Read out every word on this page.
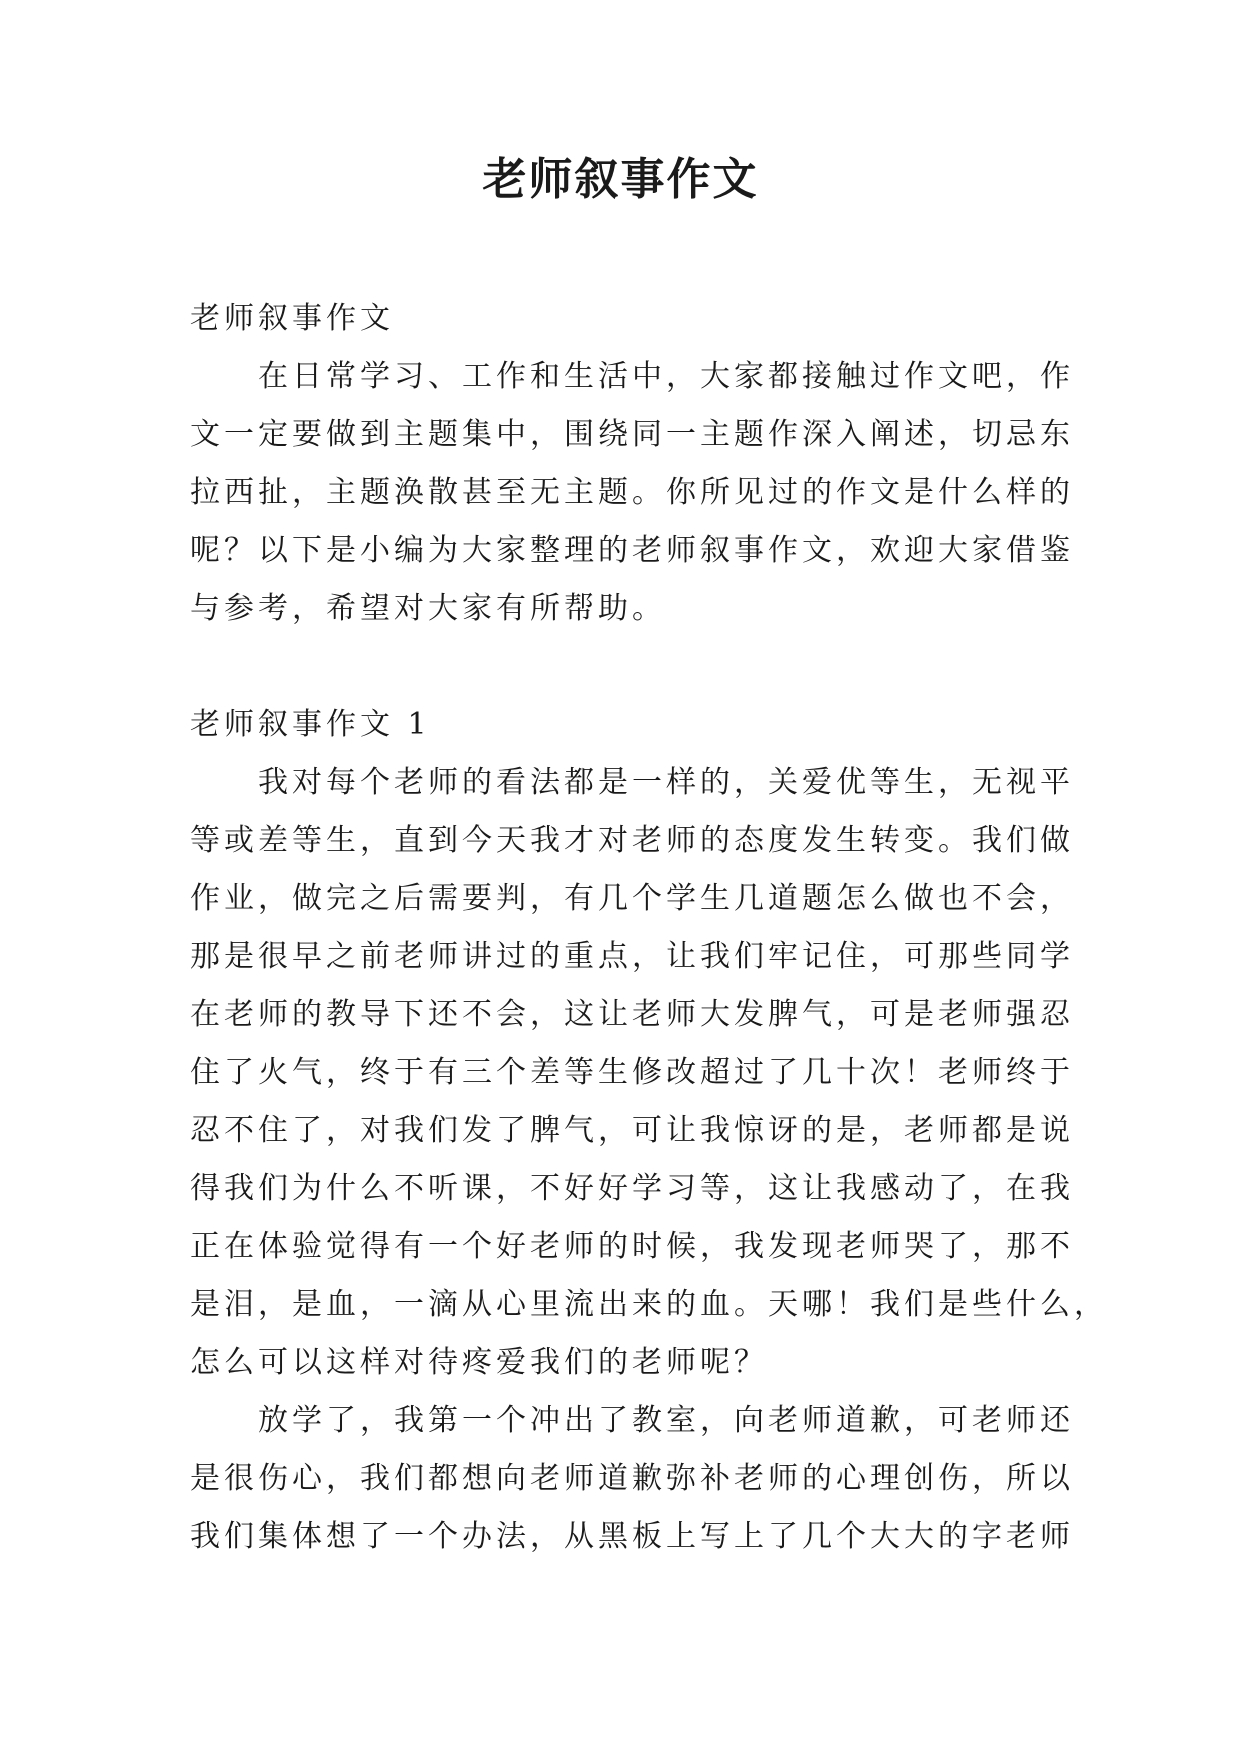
老师叙事作文
老师叙事作文
在日常学习、工作和生活中，大家都接触过作文吧，作
文一定要做到主题集中，围绕同一主题作深入阐述，切忌东
拉西扯，主题涣散甚至无主题。你所见过的作文是什么样的
呢？以下是小编为大家整理的老师叙事作文，欢迎大家借鉴
与参考，希望对大家有所帮助。
老师叙事作文 1
我对每个老师的看法都是一样的，关爱优等生，无视平
等或差等生，直到今天我才对老师的态度发生转变。我们做
作业，做完之后需要判，有几个学生几道题怎么做也不会，
那是很早之前老师讲过的重点，让我们牢记住，可那些同学
在老师的教导下还不会，这让老师大发脾气，可是老师强忍
住了火气，终于有三个差等生修改超过了几十次！老师终于
忍不住了，对我们发了脾气，可让我惊讶的是，老师都是说
得我们为什么不听课，不好好学习等，这让我感动了，在我
正在体验觉得有一个好老师的时候，我发现老师哭了，那不
是泪，是血，一滴从心里流出来的血。天哪！我们是些什么，
怎么可以这样对待疼爱我们的老师呢？
放学了，我第一个冲出了教室，向老师道歉，可老师还
是很伤心，我们都想向老师道歉弥补老师的心理创伤，所以
我们集体想了一个办法，从黑板上写上了几个大大的字老师
